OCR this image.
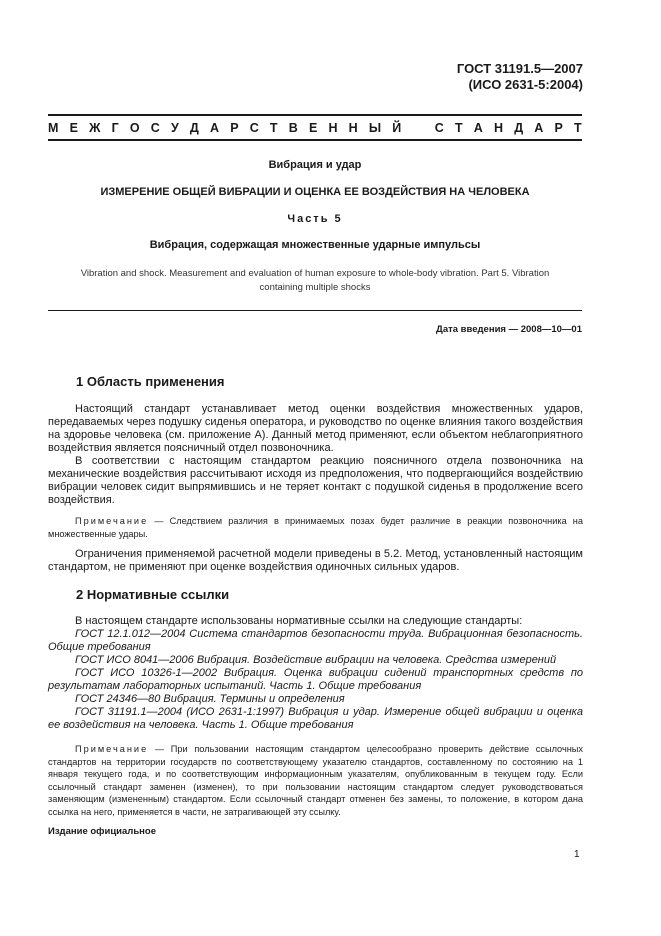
ГОСТ 31191.5—2007
(ИСО 2631-5:2004)
М Е Ж Г О С У Д А Р С Т В Е Н Н Ы Й	С Т А Н Д А Р Т
Вибрация и удар
ИЗМЕРЕНИЕ ОБЩЕЙ ВИБРАЦИИ И ОЦЕНКА ЕЕ ВОЗДЕЙСТВИЯ НА ЧЕЛОВЕКА
Часть 5
Вибрация, содержащая множественные ударные импульсы
Vibration and shock. Measurement and evaluation of human exposure to whole-body vibration. Part 5. Vibration
containing multiple shocks
Дата введения — 2008—10—01
1 Область применения

Настоящий стандарт устанавливает метод оценки воздействия множественных ударов, передаваемых через подушку сиденья оператора, и руководство по оценке влияния такого воздействия на здоровье человека (см. приложение А). Данный метод применяют, если объектом неблагоприятного воздействия является поясничный отдел позвоночника.

В соответствии с настоящим стандартом реакцию поясничного отдела позвоночника на механические воздействия рассчитывают исходя из предположения, что подвергающийся воздействию вибрации человек сидит выпрямившись и не теряет контакт с подушкой сиденья в продолжение всего воздействия.

Примечание — Следствием различия в принимаемых позах будет различие в реакции позвоночника на множественные удары.

Ограничения применяемой расчетной модели приведены в 5.2. Метод, установленный настоящим стандартом, не применяют при оценке воздействия одиночных сильных ударов.

2 Нормативные ссылки

В настоящем стандарте использованы нормативные ссылки на следующие стандарты:

ГОСТ 12.1.012—2004 Система стандартов безопасности труда. Вибрационная безопасность. Общие требования

ГОСТ ИСО 8041—2006 Вибрация. Воздействие вибрации на человека. Средства измерений

ГОСТ ИСО 10326-1—2002 Вибрация. Оценка вибрации сидений транспортных средств по результатам лабораторных испытаний. Часть 1. Общие требования

ГОСТ 24346—80 Вибрация. Термины и определения

ГОСТ 31191.1—2004 (ИСО 2631-1:1997) Вибрация и удар. Измерение общей вибрации и оценка ее воздействия на человека. Часть 1. Общие требования

Примечание — При пользовании настоящим стандартом целесообразно проверить действие ссылочных стандартов на территории государств по соответствующему указателю стандартов, составленному по состоянию на 1 января текущего года, и по соответствующим информационным указателям, опубликованным в текущем году. Если ссылочный стандарт заменен (изменен), то при пользовании настоящим стандартом следует руководствоваться заменяющим (измененным) стандартом. Если ссылочный стандарт отменен без замены, то положение, в котором дана ссылка на него, применяется в части, не затрагивающей эту ссылку.

Издание официальное
1
